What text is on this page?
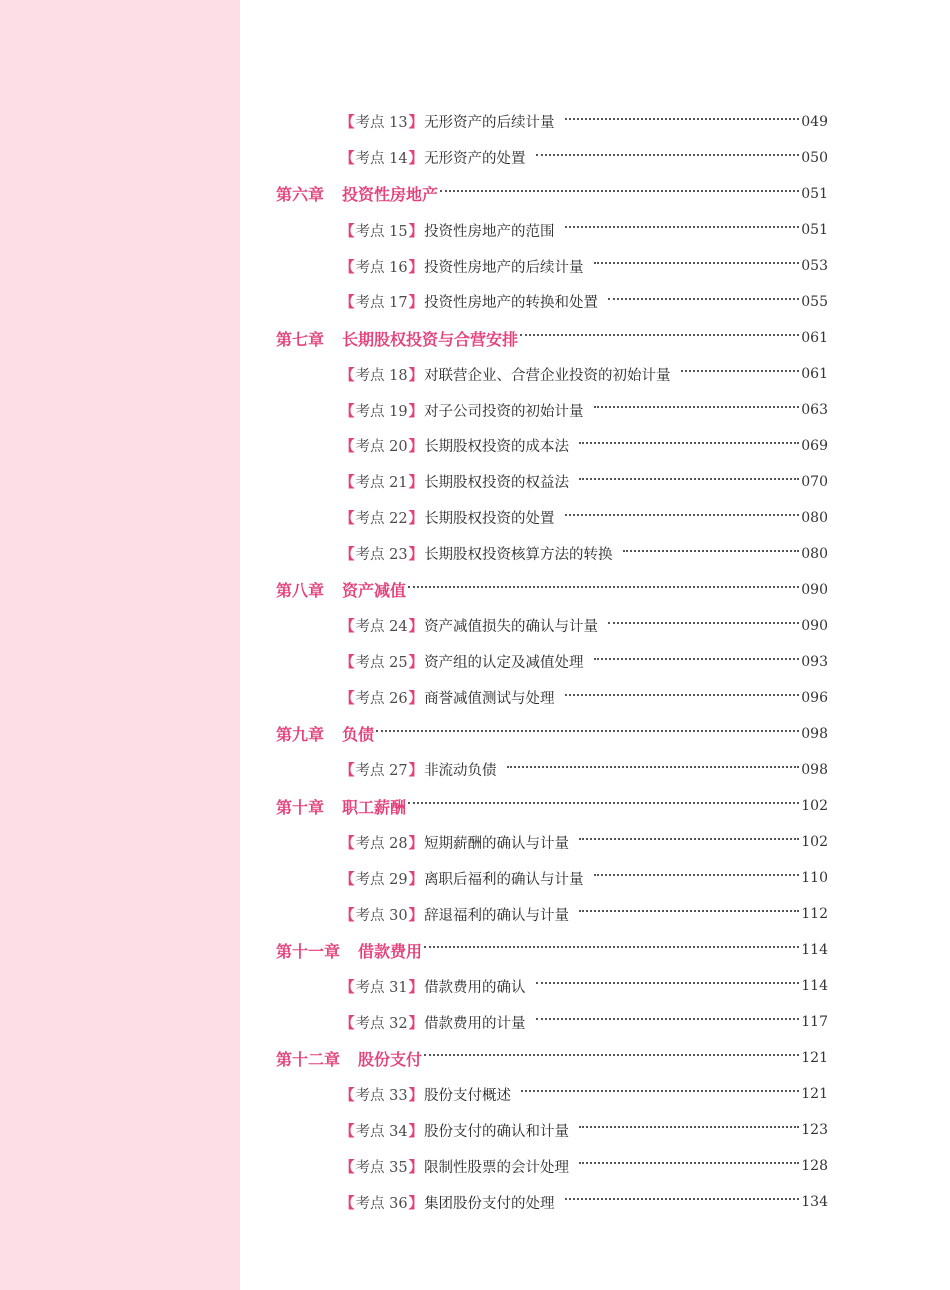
【 考点 13 】 无形资产的后续计量	049
【 考点 14 】 无形资产的处置	050
第六章 投资性房地产	051
【 考点 15 】 投资性房地产的范围	051
【 考点 16 】 投资性房地产的后续计量	053
【 考点 17 】 投资性房地产的转换和处置	055
第七章 长期股权投资与合营安排	061
【 考点 18 】 对联营企业、合营企业投资的初始计量	061
【 考点 19 】 对子公司投资的初始计量	063
【 考点 20 】 长期股权投资的成本法	069
【 考点 21 】 长期股权投资的权益法	070
【 考点 22 】 长期股权投资的处置	080
【 考点 23 】 长期股权投资核算方法的转换	080
第八章 资产减值	090
【 考点 24 】 资产减值损失的确认与计量	090
【 考点 25 】 资产组的认定及减值处理	093
【 考点 26 】 商誉减值测试与处理	096
第九章 负债	098
【 考点 27 】 非流动负债	098
第十章 职工薪酬	102
【 考点 28 】 短期薪酬的确认与计量	102
【 考点 29 】 离职后福利的确认与计量	110
【 考点 30 】 辞退福利的确认与计量	112
第十一章 借款费用	114
【 考点 31 】 借款费用的确认	114
【 考点 32 】 借款费用的计量	117
第十二章 股份支付	121
【 考点 33 】 股份支付概述	121
【 考点 34 】 股份支付的确认和计量	123
【 考点 35 】 限制性股票的会计处理	128
【 考点 36 】 集团股份支付的处理	134
